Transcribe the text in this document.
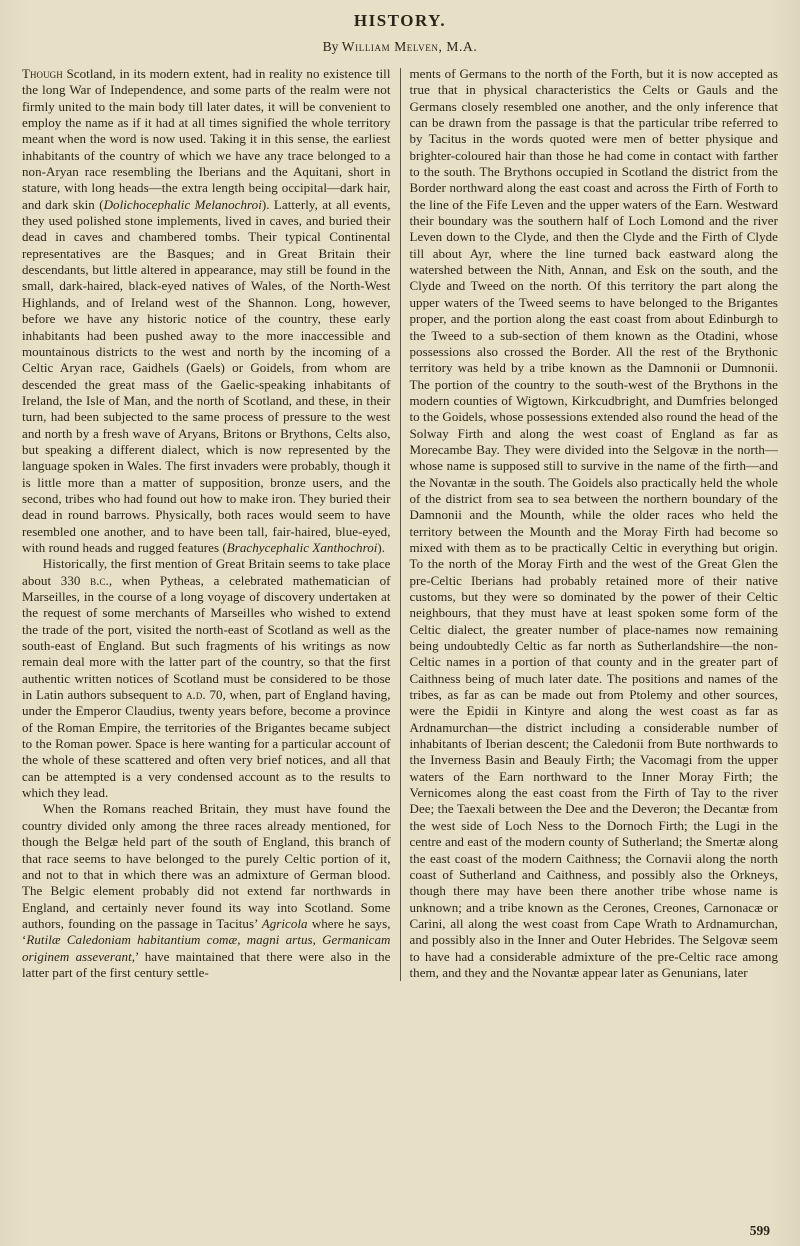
HISTORY.
By William Melven, M.A.

Though Scotland, in its modern extent, had in reality no existence till the long War of Independence, and some parts of the realm were not firmly united to the main body till later dates, it will be convenient to employ the name as if it had at all times signified the whole territory meant when the word is now used. Taking it in this sense, the earliest inhabitants of the country of which we have any trace belonged to a non-Aryan race resembling the Iberians and the Aquitani, short in stature, with long heads—the extra length being occipital—dark hair, and dark skin (Dolichocephalic Melanochroi). Latterly, at all events, they used polished stone implements, lived in caves, and buried their dead in caves and chambered tombs. Their typical Continental representatives are the Basques; and in Great Britain their descendants, but little altered in appearance, may still be found in the small, dark-haired, black-eyed natives of Wales, of the North-West Highlands, and of Ireland west of the Shannon. Long, however, before we have any historic notice of the country, these early inhabitants had been pushed away to the more inaccessible and mountainous districts to the west and north by the incoming of a Celtic Aryan race, Gaidhels (Gaels) or Goidels, from whom are descended the great mass of the Gaelic-speaking inhabitants of Ireland, the Isle of Man, and the north of Scotland, and these, in their turn, had been subjected to the same process of pressure to the west and north by a fresh wave of Aryans, Britons or Brythons, Celts also, but speaking a different dialect, which is now represented by the language spoken in Wales. The first invaders were probably, though it is little more than a matter of supposition, bronze users, and the second, tribes who had found out how to make iron. They buried their dead in round barrows. Physically, both races would seem to have resembled one another, and to have been tall, fair-haired, blue-eyed, with round heads and rugged features (Brachycephalic Xanthochroi).

Historically, the first mention of Great Britain seems to take place about 330 b.c., when Pytheas, a celebrated mathematician of Marseilles, in the course of a long voyage of discovery undertaken at the request of some merchants of Marseilles who wished to extend the trade of the port, visited the north-east of Scotland as well as the south-east of England. But such fragments of his writings as now remain deal more with the latter part of the country, so that the first authentic written notices of Scotland must be considered to be those in Latin authors subsequent to a.d. 70, when, part of England having, under the Emperor Claudius, twenty years before, become a province of the Roman Empire, the territories of the Brigantes became subject to the Roman power. Space is here wanting for a particular account of the whole of these scattered and often very brief notices, and all that can be attempted is a very condensed account as to the results to which they lead.

When the Romans reached Britain, they must have found the country divided only among the three races already mentioned, for though the Belgæ held part of the south of England, this branch of that race seems to have belonged to the purely Celtic portion of it, and not to that in which there was an admixture of German blood. The Belgic element probably did not extend far northwards in England, and certainly never found its way into Scotland. Some authors, founding on the passage in Tacitus’ Agricola where he says, ‘Rutilæ Caledoniam habitantium comæ, magni artus, Germanicam originem asseverant,’ have maintained that there were also in the latter part of the first century settle-

ments of Germans to the north of the Forth, but it is now accepted as true that in physical characteristics the Celts or Gauls and the Germans closely resembled one another, and the only inference that can be drawn from the passage is that the particular tribe referred to by Tacitus in the words quoted were men of better physique and brighter-coloured hair than those he had come in contact with farther to the south. The Brythons occupied in Scotland the district from the Border northward along the east coast and across the Firth of Forth to the line of the Fife Leven and the upper waters of the Earn. Westward their boundary was the southern half of Loch Lomond and the river Leven down to the Clyde, and then the Clyde and the Firth of Clyde till about Ayr, where the line turned back eastward along the watershed between the Nith, Annan, and Esk on the south, and the Clyde and Tweed on the north. Of this territory the part along the upper waters of the Tweed seems to have belonged to the Brigantes proper, and the portion along the east coast from about Edinburgh to the Tweed to a sub-section of them known as the Otadini, whose possessions also crossed the Border. All the rest of the Brythonic territory was held by a tribe known as the Damnonii or Dumnonii. The portion of the country to the south-west of the Brythons in the modern counties of Wigtown, Kirkcudbright, and Dumfries belonged to the Goidels, whose possessions extended also round the head of the Solway Firth and along the west coast of England as far as Morecambe Bay. They were divided into the Selgovæ in the north—whose name is supposed still to survive in the name of the firth—and the Novantæ in the south. The Goidels also practically held the whole of the district from sea to sea between the northern boundary of the Damnonii and the Mounth, while the older races who held the territory between the Mounth and the Moray Firth had become so mixed with them as to be practically Celtic in everything but origin. To the north of the Moray Firth and the west of the Great Glen the pre-Celtic Iberians had probably retained more of their native customs, but they were so dominated by the power of their Celtic neighbours, that they must have at least spoken some form of the Celtic dialect, the greater number of place-names now remaining being undoubtedly Celtic as far north as Sutherlandshire—the non-Celtic names in a portion of that county and in the greater part of Caithness being of much later date. The positions and names of the tribes, as far as can be made out from Ptolemy and other sources, were the Epidii in Kintyre and along the west coast as far as Ardnamurchan—the district including a considerable number of inhabitants of Iberian descent; the Caledonii from Bute northwards to the Inverness Basin and Beauly Firth; the Vacomagi from the upper waters of the Earn northward to the Inner Moray Firth; the Vernicomes along the east coast from the Firth of Tay to the river Dee; the Taexali between the Dee and the Deveron; the Decantæ from the west side of Loch Ness to the Dornoch Firth; the Lugi in the centre and east of the modern county of Sutherland; the Smertæ along the east coast of the modern Caithness; the Cornavii along the north coast of Sutherland and Caithness, and possibly also the Orkneys, though there may have been there another tribe whose name is unknown; and a tribe known as the Cerones, Creones, Carnonacæ or Carini, all along the west coast from Cape Wrath to Ardnamurchan, and possibly also in the Inner and Outer Hebrides. The Selgovæ seem to have had a considerable admixture of the pre-Celtic race among them, and they and the Novantæ appear later as Genunians, later

599
